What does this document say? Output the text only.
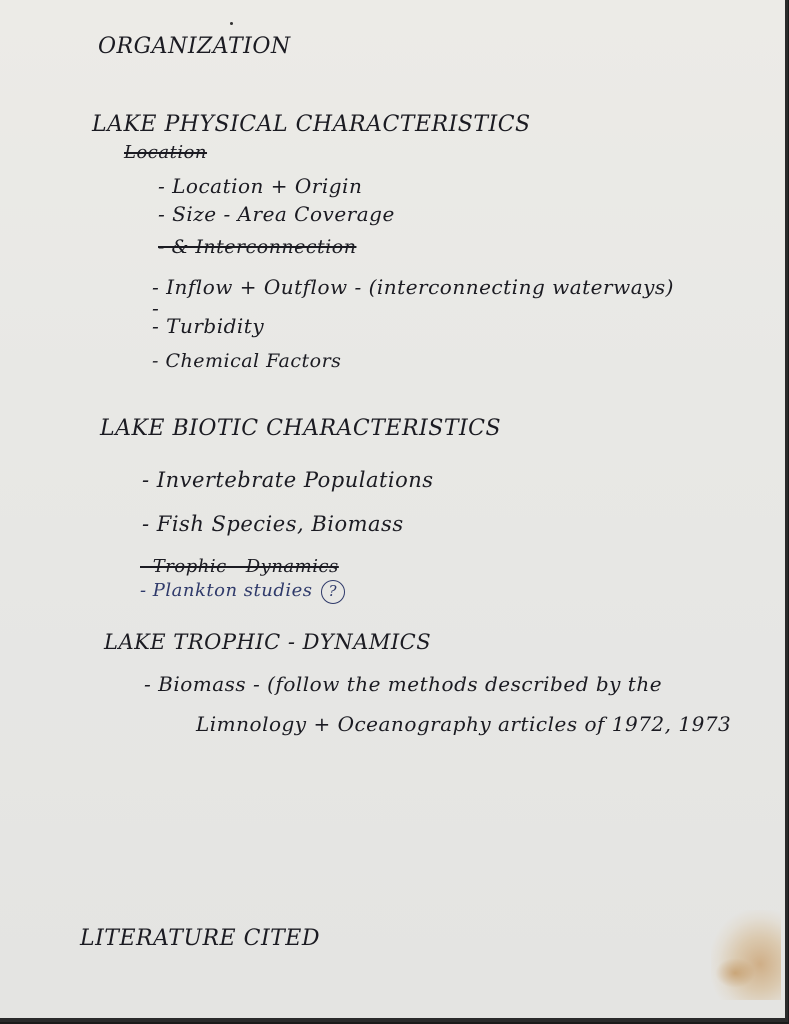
ORGANIZATION
LAKE PHYSICAL CHARACTERISTICS
Location
- Location + Origin
- Size - Area Coverage
- & Interconnection
- Inflow + Outflow - (interconnecting waterways)
-
- Turbidity
- Chemical Factors
LAKE BIOTIC CHARACTERISTICS
- Invertebrate Populations
- Fish Species, Biomass
- Trophic - Dynamics
- Plankton studies ?
LAKE TROPHIC - DYNAMICS
- Biomass - (follow the methods described by the
Limnology + Oceanography articles of 1972, 1973
LITERATURE CITED
